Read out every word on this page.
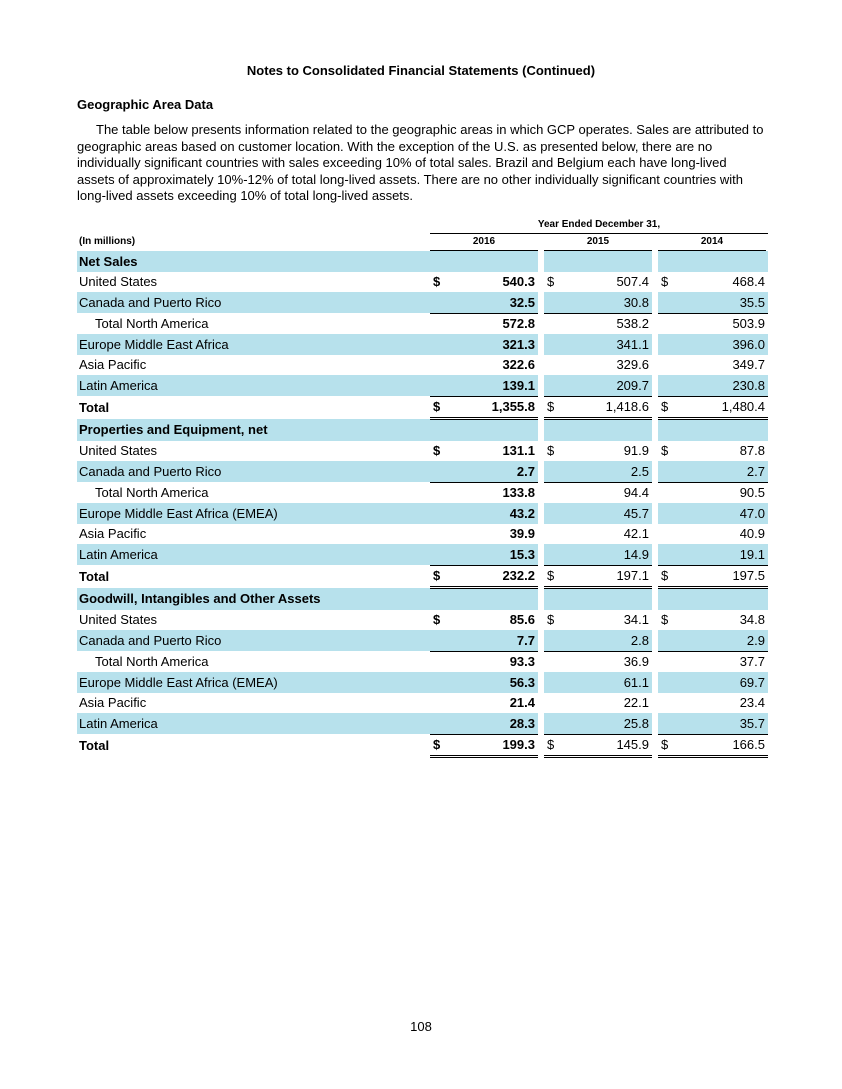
Notes to Consolidated Financial Statements (Continued)
Geographic Area Data

The table below presents information related to the geographic areas in which GCP operates. Sales are attributed to geographic areas based on customer location. With the exception of the U.S. as presented below, there are no individually significant countries with sales exceeding 10% of total sales. Brazil and Belgium each have long-lived assets of approximately 10%-12% of total long-lived assets. There are no other individually significant countries with long-lived assets exceeding 10% of total long-lived assets.

Year Ended December 31,
(In millions)	2016	2015	2014
Net Sales								
United States	$	540.3		$	507.4		$	468.4
Canada and Puerto Rico		32.5			30.8			35.5
Total North America		572.8			538.2			503.9
Europe Middle East Africa		321.3			341.1			396.0
Asia Pacific		322.6			329.6			349.7
Latin America		139.1			209.7			230.8
Total	$	1,355.8		$	1,418.6		$	1,480.4
Properties and Equipment, net								
United States	$	131.1		$	91.9		$	87.8
Canada and Puerto Rico		2.7			2.5			2.7
Total North America		133.8			94.4			90.5
Europe Middle East Africa (EMEA)		43.2			45.7			47.0
Asia Pacific		39.9			42.1			40.9
Latin America		15.3			14.9			19.1
Total	$	232.2		$	197.1		$	197.5
Goodwill, Intangibles and Other Assets								
United States	$	85.6		$	34.1		$	34.8
Canada and Puerto Rico		7.7			2.8			2.9
Total North America		93.3			36.9			37.7
Europe Middle East Africa (EMEA)		56.3			61.1			69.7
Asia Pacific		21.4			22.1			23.4
Latin America		28.3			25.8			35.7
Total	$	199.3		$	145.9		$	166.5
108
